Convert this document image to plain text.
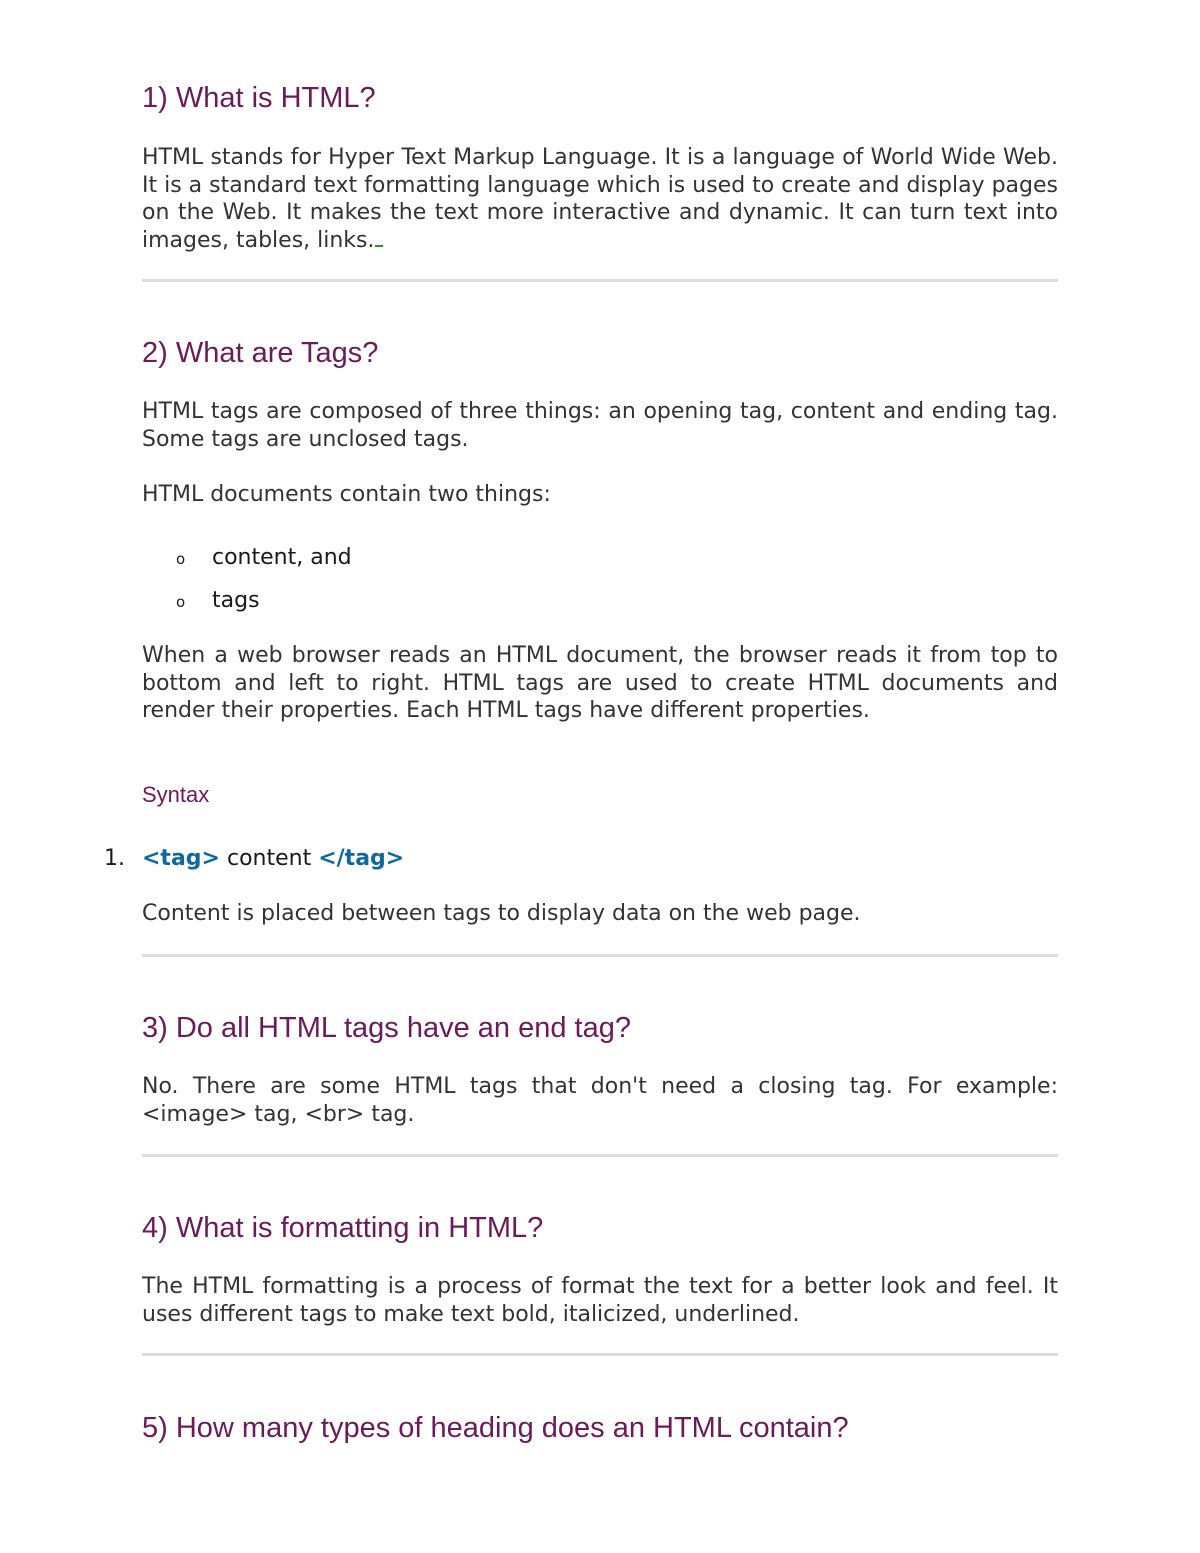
1) What is HTML?

HTML stands for Hyper Text Markup Language. It is a language of World Wide Web. It is a standard text formatting language which is used to create and display pages on the Web. It makes the text more interactive and dynamic. It can turn text into images, tables, links.

2) What are Tags?

HTML tags are composed of three things: an opening tag, content and ending tag. Some tags are unclosed tags.

HTML documents contain two things:

o content, and
o tags

When a web browser reads an HTML document, the browser reads it from top to bottom and left to right. HTML tags are used to create HTML documents and render their properties. Each HTML tags have different properties.

Syntax

1. <tag> content </tag>

Content is placed between tags to display data on the web page.

3) Do all HTML tags have an end tag?

No. There are some HTML tags that don't need a closing tag. For example: <image> tag, <br> tag.

4) What is formatting in HTML?

The HTML formatting is a process of format the text for a better look and feel. It uses different tags to make text bold, italicized, underlined.

5) How many types of heading does an HTML contain?
